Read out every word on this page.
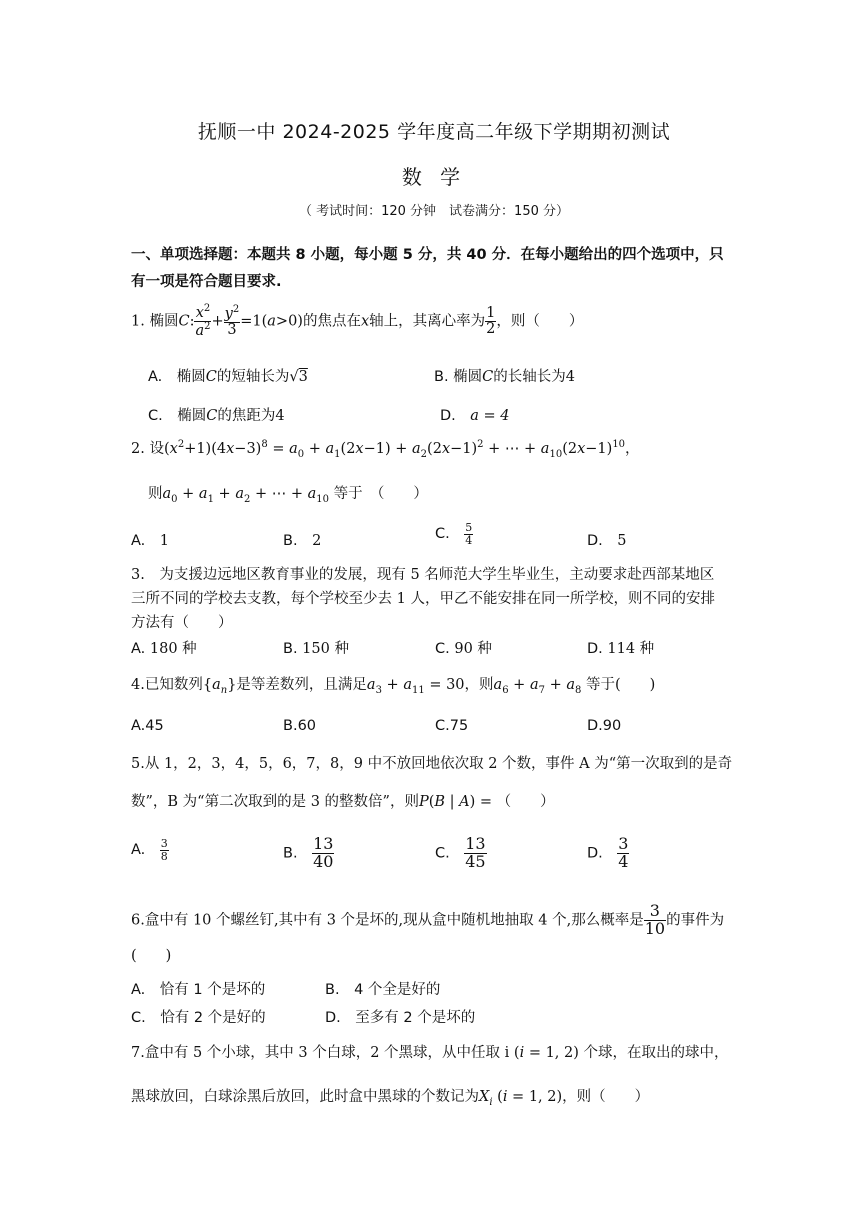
抚顺一中 2024-2025 学年度高二年级下学期期初测试
数 学
（ 考试时间：120 分钟　试卷满分：150 分）
一、单项选择题：本题共 8 小题，每小题 5 分，共 40 分．在每小题给出的四个选项中，只
有一项是符合题目要求.
1. 椭圆C: $\frac{x^2}{a^2} + \frac{y^2}{3} =1(a>0)$的焦点在x轴上，其离心率为 $\frac{1}{2}$ ，则（　　）
A.　 椭圆C的短轴长为√3	B. 椭圆C的长轴长为4
C.　 椭圆C的焦距为4	D.　 a = 4
2. 设$(x^2+1)(4x-3)^8 = a_0 + a_1(2x-1) + a_2(2x-1)^2$ + ⋯ + $a_{10}(2x-1)^{10}$，
则$a_0 + a_1 + a_2$ + ⋯ + $a_{10}$ 等于　（　　）
A.　 1	B.　 2	C.　 $\frac{5}{4}$	D.　 5
3.　为支援边远地区教育事业的发展，现有 5 名师范大学生毕业生，主动要求赴西部某地区
三所不同的学校去支教，每个学校至少去 1 人，甲乙不能安排在同一所学校，则不同的安排
方法有（　　）
A. 180 种	B. 150 种	C. 90 种	D. 114 种
4.已知数列$\{a_n\}$是等差数列，且满足$a_3 + a_{11} = 30$，则$a_6 + a_7 + a_8$ 等于(　　)
A.45	B.60	C.75	D.90
5.从 1，2，3，4，5，6，7，8，9 中不放回地依次取 2 个数，事件 A 为“第一次取到的是奇
数”，B 为“第二次取到的是 3 的整数倍”，则P(B | A) = （　　）
A.　 $\frac{3}{8}$	B.　 $\frac{13}{40}$	C.　 $\frac{13}{45}$	D.　 $\frac{3}{4}$
6.盒中有 10 个螺丝钉,其中有 3 个是坏的,现从盒中随机地抽取 4 个,那么概率是 $\frac{3}{10}$ 的事件为
(　　)
A.　 恰有 1 个是坏的	B.　 4 个全是好的
C.　 恰有 2 个是好的	D.　 至多有 2 个是坏的
7.盒中有 5 个小球，其中 3 个白球，2 个黑球，从中任取 i (i = 1, 2) 个球，在取出的球中，
黑球放回，白球涂黑后放回，此时盒中黑球的个数记为$X_i$ (i = 1, 2)，则（　　）
